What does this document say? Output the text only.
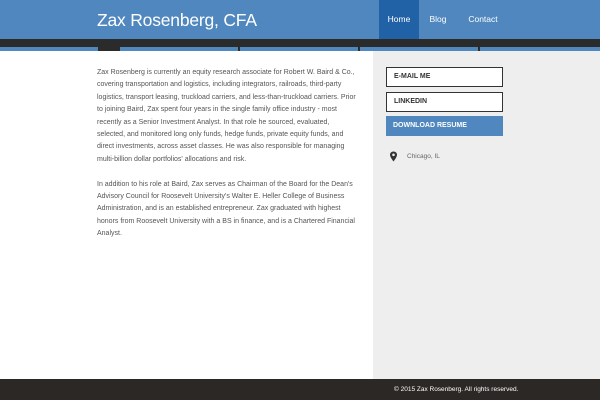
Zax Rosenberg, CFA	Home	Blog	Contact

Zax Rosenberg is currently an equity research associate for Robert W. Baird & Co., covering transportation and logistics, including integrators, railroads, third-party logistics, transport leasing, truckload carriers, and less-than-truckload carriers. Prior to joining Baird, Zax spent four years in the single family office industry - most recently as a Senior Investment Analyst. In that role he sourced, evaluated, selected, and monitored long only funds, hedge funds, private equity funds, and direct investments, across asset classes. He was also responsible for managing multi-billion dollar portfolios' allocations and risk.

In addition to his role at Baird, Zax serves as Chairman of the Board for the Dean's Advisory Council for Roosevelt University's Walter E. Heller College of Business Administration, and is an established entrepreneur. Zax graduated with highest honors from Roosevelt University with a BS in finance, and is a Chartered Financial Analyst.

E-MAIL ME
LINKEDIN
DOWNLOAD RESUME
Chicago, IL
© 2015 Zax Rosenberg. All rights reserved.
